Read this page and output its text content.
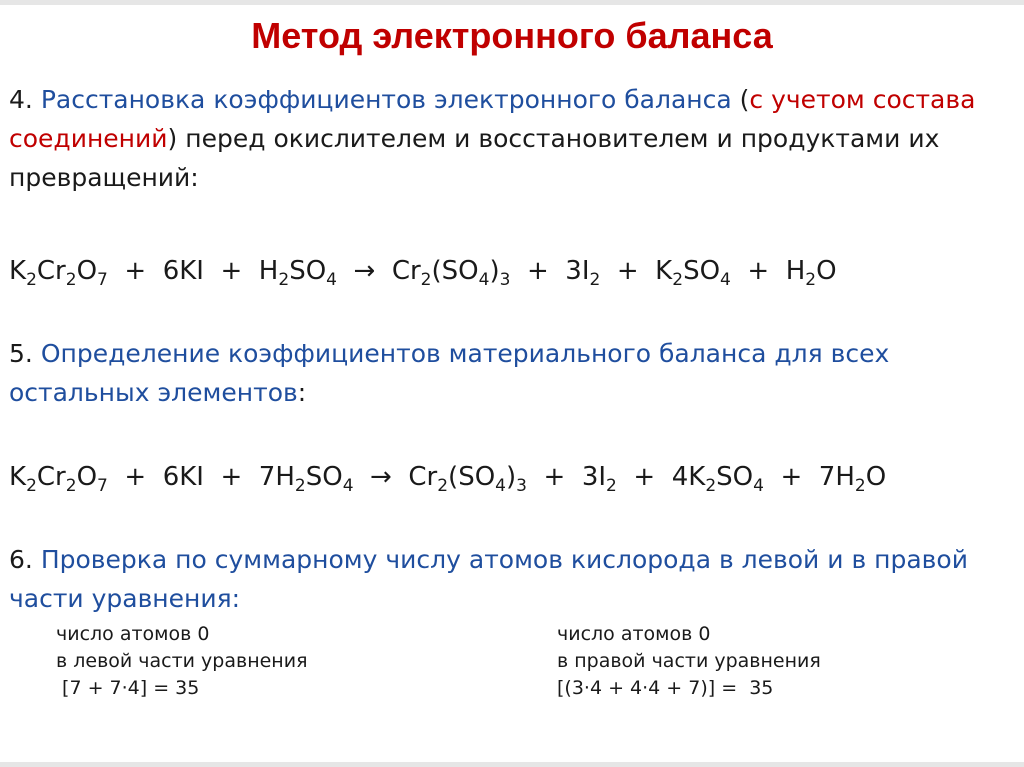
Метод электронного баланса

4. Расстановка коэффициентов электронного баланса (с учетом состава соединений) перед окислителем и восстановителем и продуктами их превращений:

$K_2Cr_2O_7 + 6KI + H_2SO_4 \to Cr_2(SO_4)_3 + 3I_2 + K_2SO_4 + H_2O$

5. Определение коэффициентов материального баланса для всех остальных элементов:

$K_2Cr_2O_7 + 6KI + 7H_2SO_4 \to Cr_2(SO_4)_3 + 3I_2 + 4K_2SO_4 + 7H_2O$

6. Проверка по суммарному числу атомов кислорода в левой и в правой части уравнения:

число атомов 0
в левой части уравнения
[7 + 7·4] = 35
число атомов 0
в правой части уравнения
[(3·4 + 4·4 + 7)] =  35
